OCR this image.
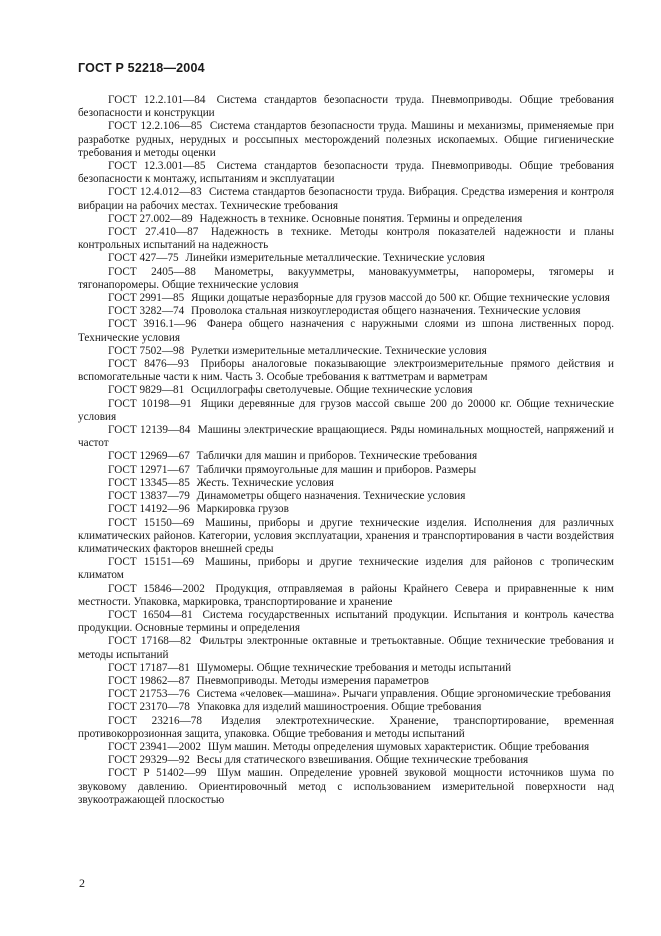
ГОСТ Р 52218—2004

ГОСТ 12.2.101—84 Система стандартов безопасности труда. Пневмоприводы. Общие требования безопасности и конструкции

ГОСТ 12.2.106—85 Система стандартов безопасности труда. Машины и механизмы, применяемые при разработке рудных, нерудных и россыпных месторождений полезных ископаемых. Общие гигиенические требования и методы оценки

ГОСТ 12.3.001—85 Система стандартов безопасности труда. Пневмоприводы. Общие требования безопасности к монтажу, испытаниям и эксплуатации

ГОСТ 12.4.012—83 Система стандартов безопасности труда. Вибрация. Средства измерения и контроля вибрации на рабочих местах. Технические требования

ГОСТ 27.002—89 Надежность в технике. Основные понятия. Термины и определения

ГОСТ 27.410—87 Надежность в технике. Методы контроля показателей надежности и планы контрольных испытаний на надежность

ГОСТ 427—75 Линейки измерительные металлические. Технические условия

ГОСТ 2405—88 Манометры, вакуумметры, мановакуумметры, напоромеры, тягомеры и тягонапоромеры. Общие технические условия

ГОСТ 2991—85 Ящики дощатые неразборные для грузов массой до 500 кг. Общие технические условия

ГОСТ 3282—74 Проволока стальная низкоуглеродистая общего назначения. Технические условия

ГОСТ 3916.1—96 Фанера общего назначения с наружными слоями из шпона лиственных пород. Технические условия

ГОСТ 7502—98 Рулетки измерительные металлические. Технические условия

ГОСТ 8476—93 Приборы аналоговые показывающие электроизмерительные прямого действия и вспомогательные части к ним. Часть 3. Особые требования к ваттметрам и варметрам

ГОСТ 9829—81 Осциллографы светолучевые. Общие технические условия

ГОСТ 10198—91 Ящики деревянные для грузов массой свыше 200 до 20000 кг. Общие технические условия

ГОСТ 12139—84 Машины электрические вращающиеся. Ряды номинальных мощностей, напряжений и частот

ГОСТ 12969—67 Таблички для машин и приборов. Технические требования

ГОСТ 12971—67 Таблички прямоугольные для машин и приборов. Размеры

ГОСТ 13345—85 Жесть. Технические условия

ГОСТ 13837—79 Динамометры общего назначения. Технические условия

ГОСТ 14192—96 Маркировка грузов

ГОСТ 15150—69 Машины, приборы и другие технические изделия. Исполнения для различных климатических районов. Категории, условия эксплуатации, хранения и транспортирования в части воздействия климатических факторов внешней среды

ГОСТ 15151—69 Машины, приборы и другие технические изделия для районов с тропическим климатом

ГОСТ 15846—2002 Продукция, отправляемая в районы Крайнего Севера и приравненные к ним местности. Упаковка, маркировка, транспортирование и хранение

ГОСТ 16504—81 Система государственных испытаний продукции. Испытания и контроль качества продукции. Основные термины и определения

ГОСТ 17168—82 Фильтры электронные октавные и третьоктавные. Общие технические требования и методы испытаний

ГОСТ 17187—81 Шумомеры. Общие технические требования и методы испытаний

ГОСТ 19862—87 Пневмоприводы. Методы измерения параметров

ГОСТ 21753—76 Система «человек—машина». Рычаги управления. Общие эргономические требования

ГОСТ 23170—78 Упаковка для изделий машиностроения. Общие требования

ГОСТ 23216—78 Изделия электротехнические. Хранение, транспортирование, временная противокоррозионная защита, упаковка. Общие требования и методы испытаний

ГОСТ 23941—2002 Шум машин. Методы определения шумовых характеристик. Общие требования

ГОСТ 29329—92 Весы для статического взвешивания. Общие технические требования

ГОСТ Р 51402—99 Шум машин. Определение уровней звуковой мощности источников шума по звуковому давлению. Ориентировочный метод с использованием измерительной поверхности над звукоотражающей плоскостью

2
